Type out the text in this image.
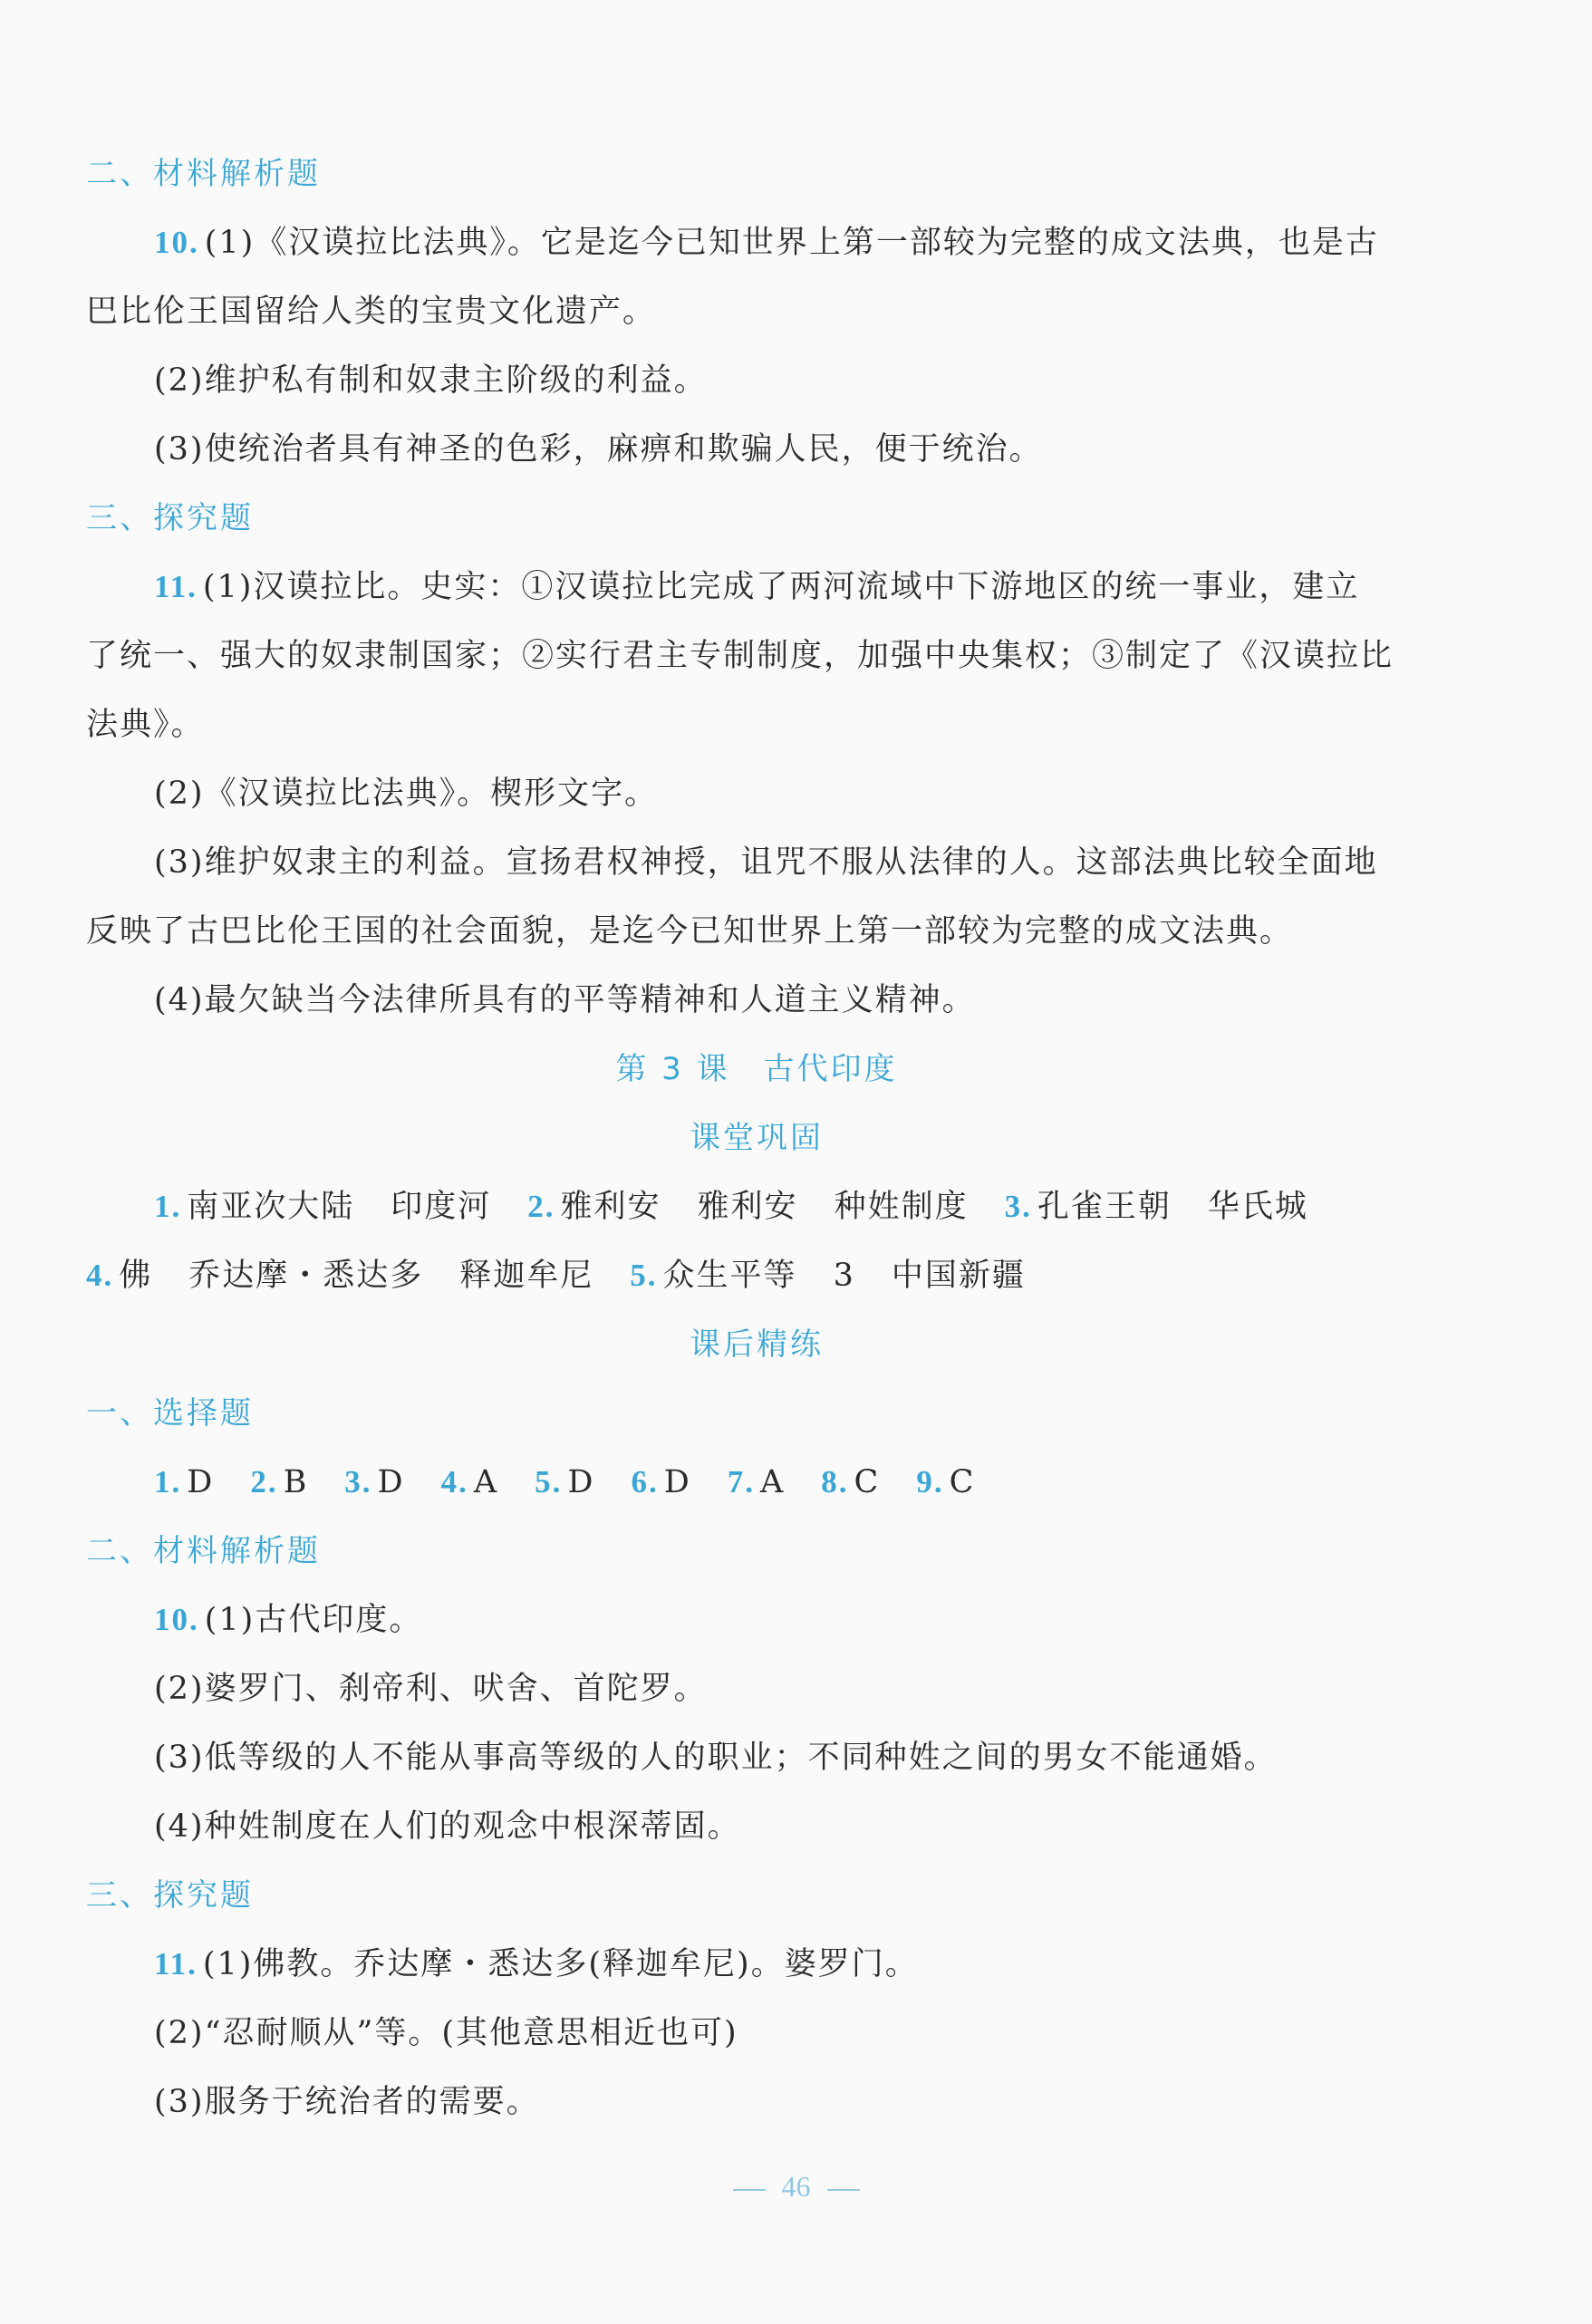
二、材料解析题
10. (1)《汉谟拉比法典》。它是迄今已知世界上第一部较为完整的成文法典，也是古
巴比伦王国留给人类的宝贵文化遗产。
(2)维护私有制和奴隶主阶级的利益。
(3)使统治者具有神圣的色彩，麻痹和欺骗人民，便于统治。
三、探究题
11. (1)汉谟拉比。史实：①汉谟拉比完成了两河流域中下游地区的统一事业，建立
了统一、强大的奴隶制国家；②实行君主专制制度，加强中央集权；③制定了《汉谟拉比
法典》。
(2)《汉谟拉比法典》。楔形文字。
(3)维护奴隶主的利益。宣扬君权神授，诅咒不服从法律的人。这部法典比较全面地
反映了古巴比伦王国的社会面貌，是迄今已知世界上第一部较为完整的成文法典。
(4)最欠缺当今法律所具有的平等精神和人道主义精神。
第 3 课　古代印度
课堂巩固
1. 南亚次大陆 印度河 2. 雅利安 雅利安 种姓制度 3. 孔雀王朝 华氏城
4. 佛 乔达摩・悉达多 释迦牟尼 5. 众生平等 3 中国新疆
课后精练
一、选择题
1. D 2. B 3. D 4. A 5. D 6. D 7. A 8. C 9. C
二、材料解析题
10. (1)古代印度。
(2)婆罗门、刹帝利、吠舍、首陀罗。
(3)低等级的人不能从事高等级的人的职业；不同种姓之间的男女不能通婚。
(4)种姓制度在人们的观念中根深蒂固。
三、探究题
11. (1)佛教。乔达摩・悉达多(释迦牟尼)。婆罗门。
(2)“忍耐顺从”等。(其他意思相近也可)
(3)服务于统治者的需要。
46
